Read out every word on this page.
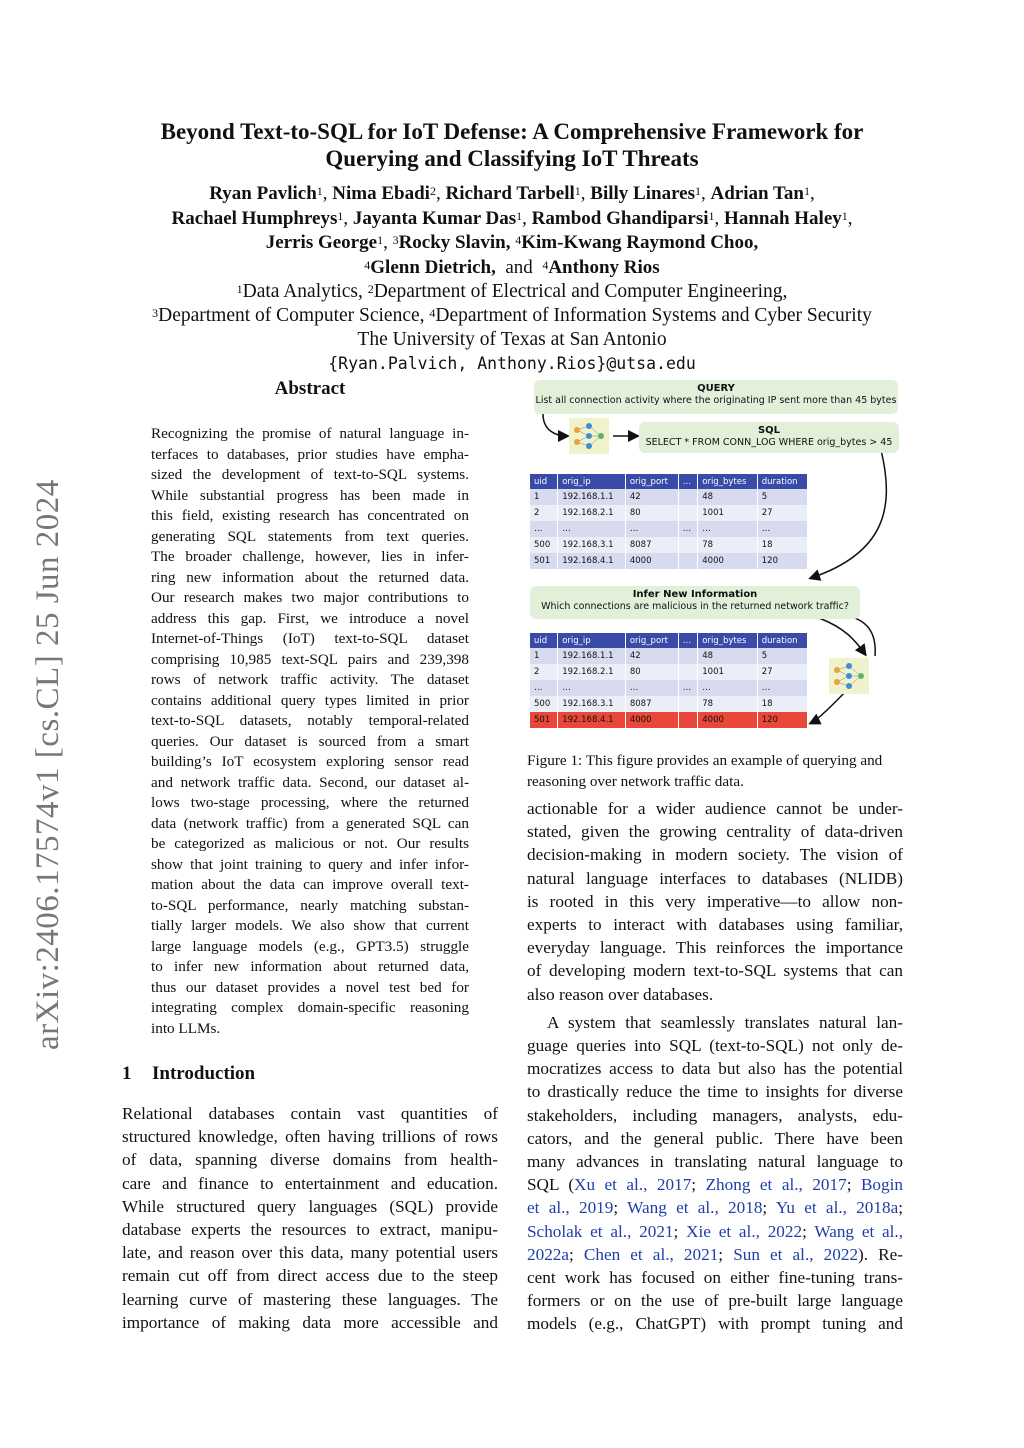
Beyond Text-to-SQL for IoT Defense: A Comprehensive Framework for
Querying and Classifying IoT Threats
Ryan Pavlich$^1$, Nima Ebadi$^2$, Richard Tarbell$^1$, Billy Linares$^1$, Adrian Tan$^1$,
Rachael Humphreys$^1$, Jayanta Kumar Das$^1$, Rambod Ghandiparsi$^1$, Hannah Haley$^1$,
Jerris George$^1$, $^3$Rocky Slavin, $^4$Kim-Kwang Raymond Choo,
$^4$Glenn Dietrich, and $^4$Anthony Rios
$^1$Data Analytics, $^2$Department of Electrical and Computer Engineering,
$^3$Department of Computer Science, $^4$Department of Information Systems and Cyber Security
The University of Texas at San Antonio
{Ryan.Palvich, Anthony.Rios}@utsa.edu
arXiv:2406.17574v1 [cs.CL] 25 Jun 2024
Abstract
Recognizing the promise of natural language in-
terfaces to databases, prior studies have empha-
sized the development of text-to-SQL systems.
While substantial progress has been made in
this field, existing research has concentrated on
generating SQL statements from text queries.
The broader challenge, however, lies in infer-
ring new information about the returned data.
Our research makes two major contributions to
address this gap. First, we introduce a novel
Internet-of-Things (IoT) text-to-SQL dataset
comprising 10,985 text-SQL pairs and 239,398
rows of network traffic activity. The dataset
contains additional query types limited in prior
text-to-SQL datasets, notably temporal-related
queries. Our dataset is sourced from a smart
building’s IoT ecosystem exploring sensor read
and network traffic data. Second, our dataset al-
lows two-stage processing, where the returned
data (network traffic) from a generated SQL can
be categorized as malicious or not. Our results
show that joint training to query and infer infor-
mation about the data can improve overall text-
to-SQL performance, nearly matching substan-
tially larger models. We also show that current
large language models (e.g., GPT3.5) struggle
to infer new information about returned data,
thus our dataset provides a novel test bed for
integrating complex domain-specific reasoning
into LLMs.
1 Introduction
Relational databases contain vast quantities of
structured knowledge, often having trillions of rows
of data, spanning diverse domains from health-
care and finance to entertainment and education.
While structured query languages (SQL) provide
database experts the resources to extract, manipu-
late, and reason over this data, many potential users
remain cut off from direct access due to the steep
learning curve of mastering these languages. The
importance of making data more accessible and
QUERY
List all connection activity where the originating IP sent more than 45 bytes
SQL
SELECT * FROM CONN_LOG WHERE orig_bytes > 45
uid	orig_ip	orig_port	…	orig_bytes	duration
1	192.168.1.1	42		48	5
2	192.168.2.1	80		1001	27
…	…	…	…	…	…
500	192.168.3.1	8087		78	18
501	192.168.4.1	4000		4000	120
Infer New Information
Which connections are malicious in the returned network traffic?
uid	orig_ip	orig_port	…	orig_bytes	duration
1	192.168.1.1	42		48	5
2	192.168.2.1	80		1001	27
…	…	…	…	…	…
500	192.168.3.1	8087		78	18
501	192.168.4.1	4000		4000	120
Figure 1: This figure provides an example of querying and reasoning over network traffic data.

actionable for a wider audience cannot be under-
stated, given the growing centrality of data-driven
decision-making in modern society. The vision of
natural language interfaces to databases (NLIDB)
is rooted in this very imperative—to allow non-
experts to interact with databases using familiar,
everyday language. This reinforces the importance
of developing modern text-to-SQL systems that can
also reason over databases.

A system that seamlessly translates natural lan-
guage queries into SQL (text-to-SQL) not only de-
mocratizes access to data but also has the potential
to drastically reduce the time to insights for diverse
stakeholders, including managers, analysts, edu-
cators, and the general public. There have been
many advances in translating natural language to
SQL (Xu et al., 2017; Zhong et al., 2017; Bogin
et al., 2019; Wang et al., 2018; Yu et al., 2018a;
Scholak et al., 2021; Xie et al., 2022; Wang et al.,
2022a; Chen et al., 2021; Sun et al., 2022). Re-
cent work has focused on either fine-tuning trans-
formers or on the use of pre-built large language
models (e.g., ChatGPT) with prompt tuning and
